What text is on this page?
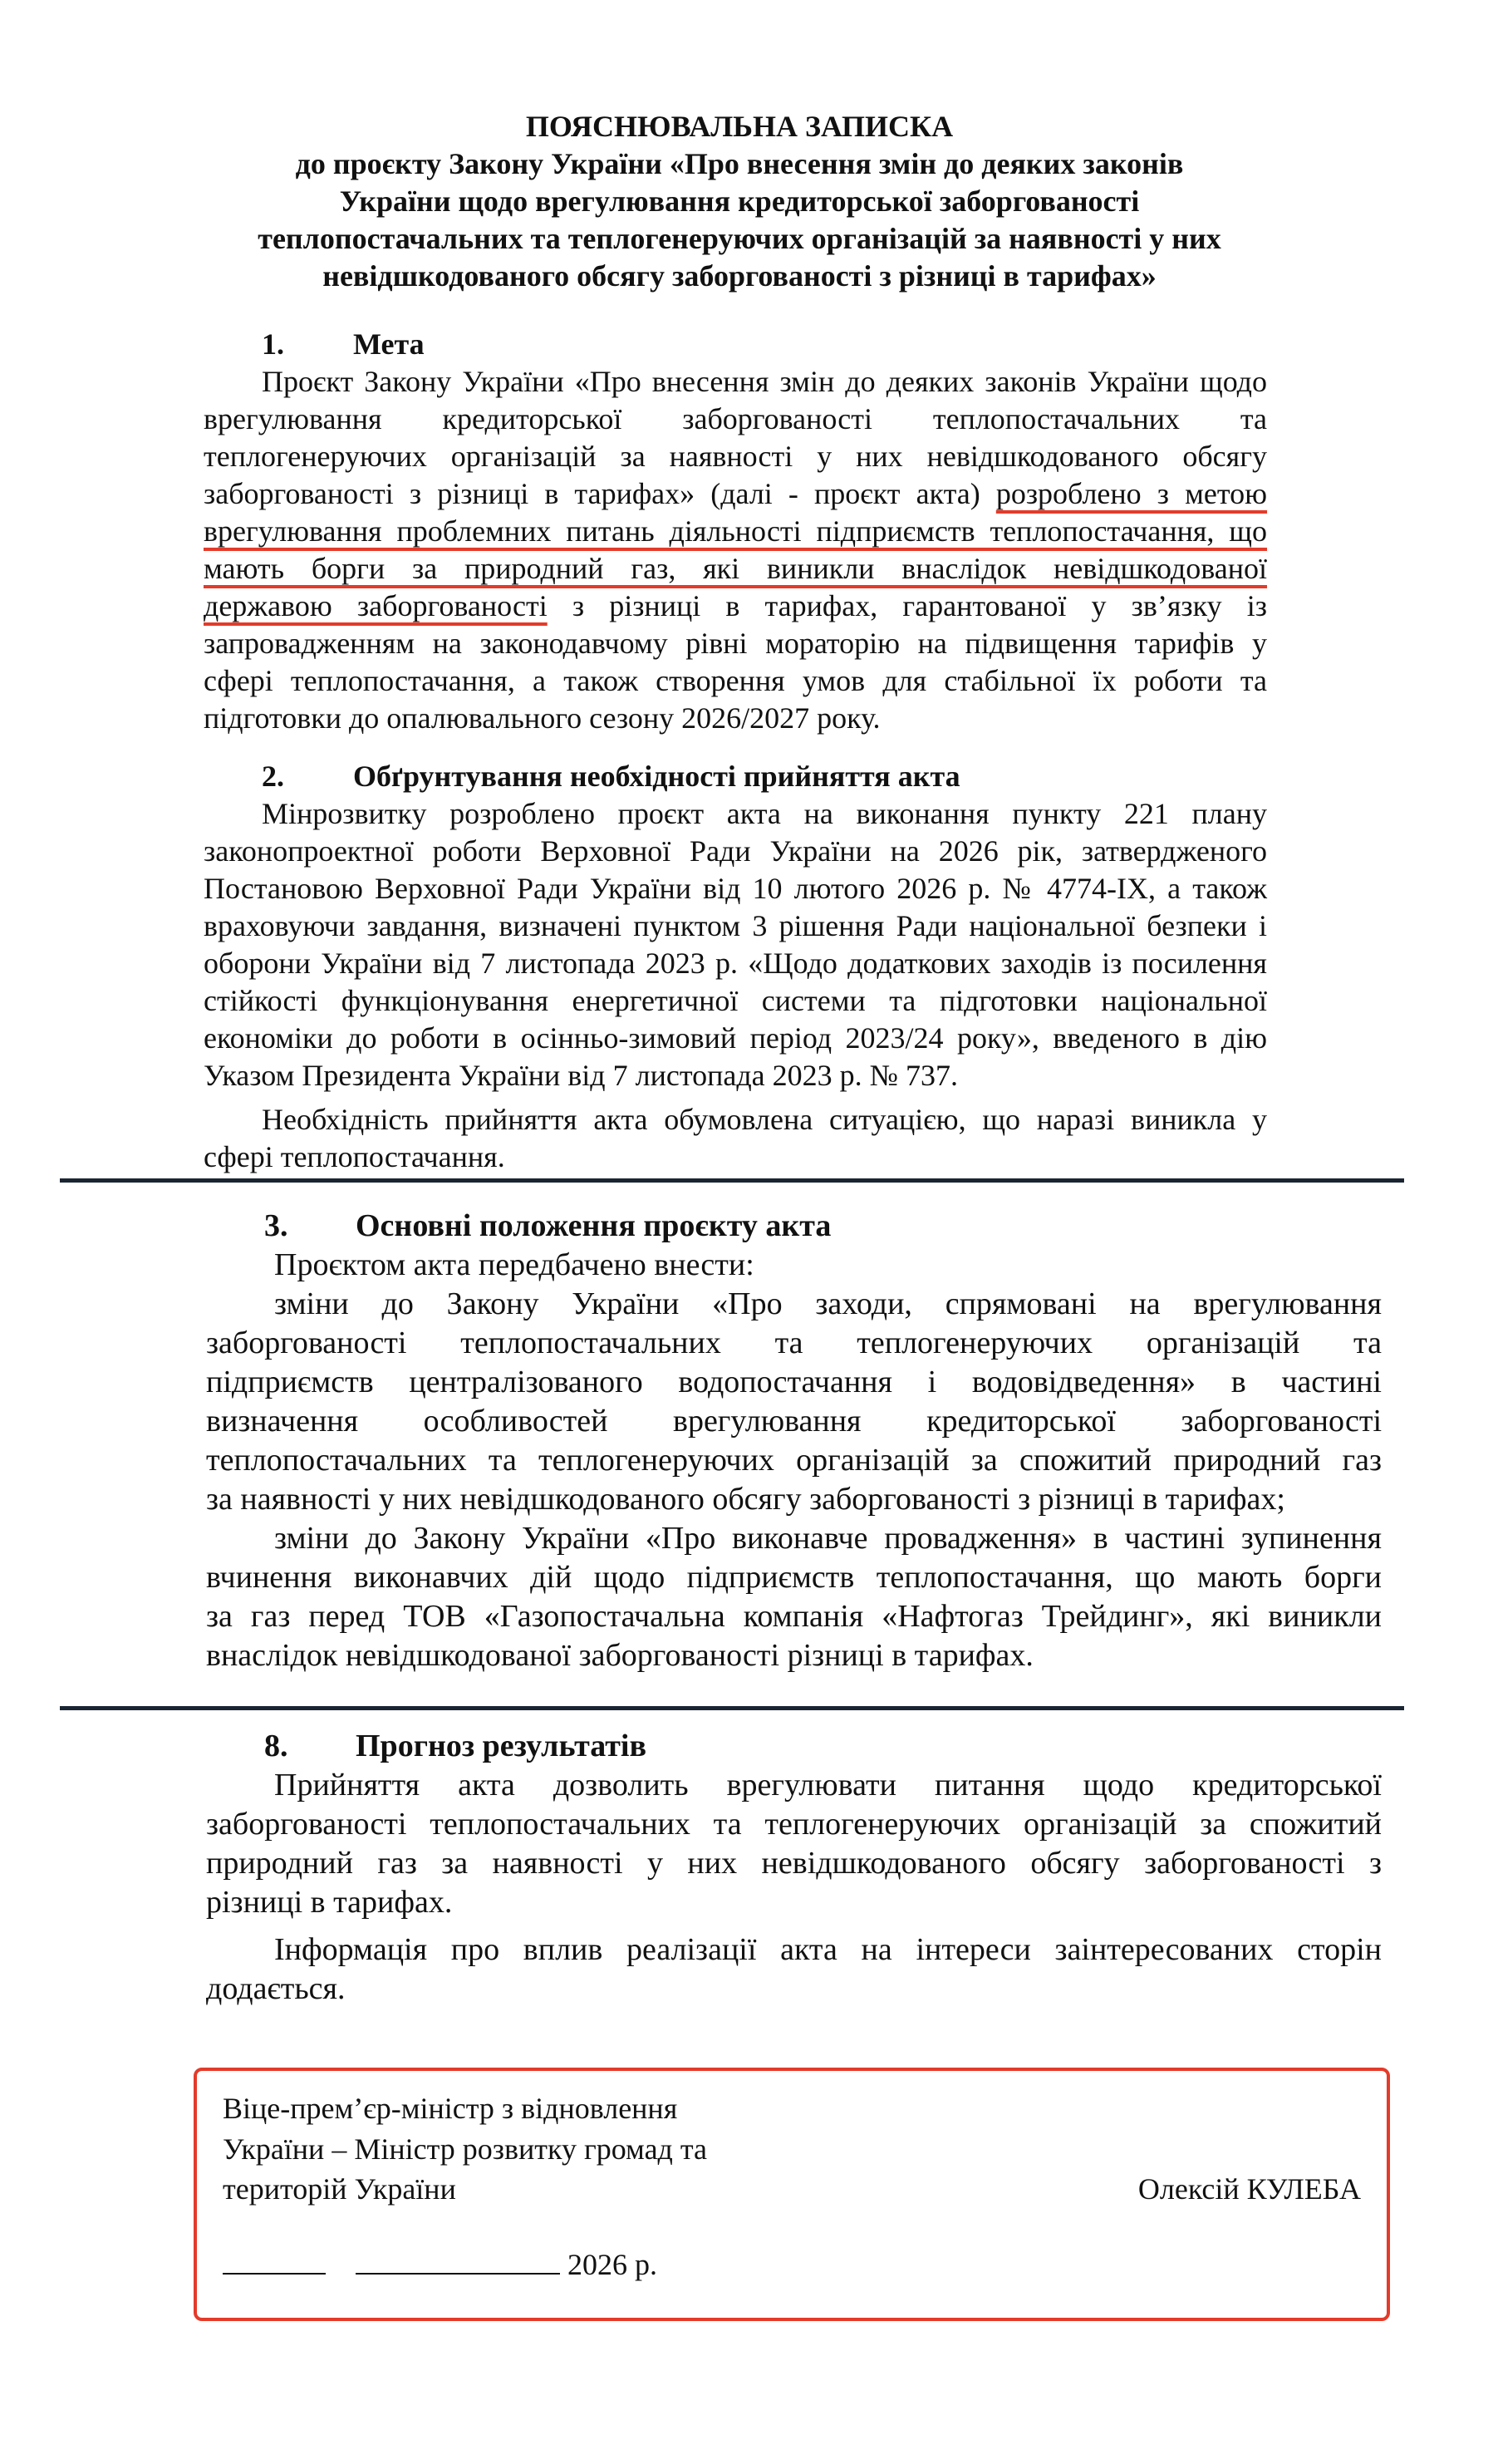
ПОЯСНЮВАЛЬНА ЗАПИСКА
до проєкту Закону України «Про внесення змін до деяких законів
України щодо врегулювання кредиторської заборгованості
теплопостачальних та теплогенеруючих організацій за наявності у них
невідшкодованого обсягу заборгованості з різниці в тарифах»
1. Мета
Проєкт Закону України «Про внесення змін до деяких законів України щодо
врегулювання кредиторської заборгованості теплопостачальних та
теплогенеруючих організацій за наявності у них невідшкодованого обсягу
заборгованості з різниці в тарифах» (далі - проєкт акта) розроблено з метою
врегулювання проблемних питань діяльності підприємств теплопостачання, що
мають борги за природний газ, які виникли внаслідок невідшкодованої
державою заборгованості з різниці в тарифах, гарантованої у зв’язку із
запровадженням на законодавчому рівні мораторію на підвищення тарифів у
сфері теплопостачання, а також створення умов для стабільної їх роботи та
підготовки до опалювального сезону 2026/2027 року.
2. Обґрунтування необхідності прийняття акта
Мінрозвитку розроблено проєкт акта на виконання пункту 221 плану
законопроектної роботи Верховної Ради України на 2026 рік, затвердженого
Постановою Верховної Ради України від 10 лютого 2026 р. № 4774-IX, а також
враховуючи завдання, визначені пунктом 3 рішення Ради національної безпеки і
оборони України від 7 листопада 2023 р. «Щодо додаткових заходів із посилення
стійкості функціонування енергетичної системи та підготовки національної
економіки до роботи в осінньо-зимовий період 2023/24 року», введеного в дію
Указом Президента України від 7 листопада 2023 р. № 737.
Необхідність прийняття акта обумовлена ситуацією, що наразі виникла у
сфері теплопостачання.
3. Основні положення проєкту акта
Проєктом акта передбачено внести:
зміни до Закону України «Про заходи, спрямовані на врегулювання
заборгованості теплопостачальних та теплогенеруючих організацій та
підприємств централізованого водопостачання і водовідведення» в частині
визначення особливостей врегулювання кредиторської заборгованості
теплопостачальних та теплогенеруючих організацій за спожитий природний газ
за наявності у них невідшкодованого обсягу заборгованості з різниці в тарифах;
зміни до Закону України «Про виконавче провадження» в частині зупинення
вчинення виконавчих дій щодо підприємств теплопостачання, що мають борги
за газ перед ТОВ «Газопостачальна компанія «Нафтогаз Трейдинг», які виникли
внаслідок невідшкодованої заборгованості різниці в тарифах.
8. Прогноз результатів
Прийняття акта дозволить врегулювати питання щодо кредиторської
заборгованості теплопостачальних та теплогенеруючих організацій за спожитий
природний газ за наявності у них невідшкодованого обсягу заборгованості з
різниці в тарифах.
Інформація про вплив реалізації акта на інтереси заінтересованих сторін
додається.
Віце-прем’єр-міністр з відновлення
України – Міністр розвитку громад та
територій України	Олексій КУЛЕБА
2026 р.
